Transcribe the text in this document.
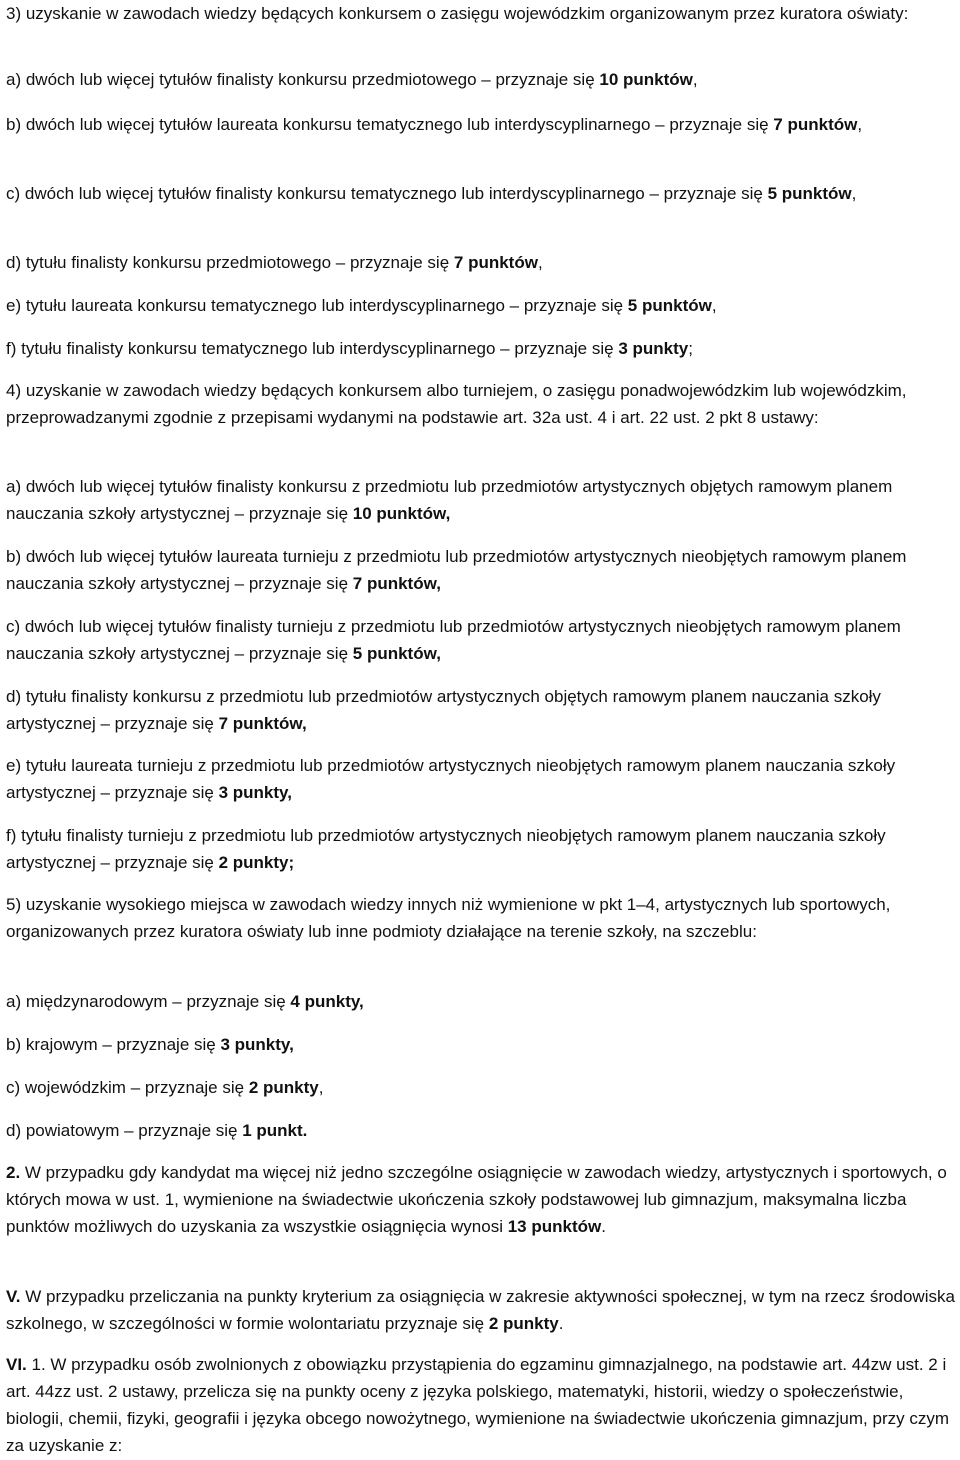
3) uzyskanie w zawodach wiedzy będących konkursem o zasięgu wojewódzkim organizowanym przez kuratora oświaty:

a) dwóch lub więcej tytułów finalisty konkursu przedmiotowego – przyznaje się 10 punktów,

b) dwóch lub więcej tytułów laureata konkursu tematycznego lub interdyscyplinarnego – przyznaje się 7 punktów,

c) dwóch lub więcej tytułów finalisty konkursu tematycznego lub interdyscyplinarnego – przyznaje się 5 punktów,

d) tytułu finalisty konkursu przedmiotowego – przyznaje się 7 punktów,

e) tytułu laureata konkursu tematycznego lub interdyscyplinarnego – przyznaje się 5 punktów,

f) tytułu finalisty konkursu tematycznego lub interdyscyplinarnego – przyznaje się 3 punkty;

4) uzyskanie w zawodach wiedzy będących konkursem albo turniejem, o zasięgu ponadwojewódzkim lub wojewódzkim, przeprowadzanymi zgodnie z przepisami wydanymi na podstawie art. 32a ust. 4 i art. 22 ust. 2 pkt 8 ustawy:

a) dwóch lub więcej tytułów finalisty konkursu z przedmiotu lub przedmiotów artystycznych objętych ramowym planem nauczania szkoły artystycznej – przyznaje się 10 punktów,

b) dwóch lub więcej tytułów laureata turnieju z przedmiotu lub przedmiotów artystycznych nieobjętych ramowym planem nauczania szkoły artystycznej – przyznaje się 7 punktów,

c) dwóch lub więcej tytułów finalisty turnieju z przedmiotu lub przedmiotów artystycznych nieobjętych ramowym planem nauczania szkoły artystycznej – przyznaje się 5 punktów,

d) tytułu finalisty konkursu z przedmiotu lub przedmiotów artystycznych objętych ramowym planem nauczania szkoły artystycznej – przyznaje się 7 punktów,

e) tytułu laureata turnieju z przedmiotu lub przedmiotów artystycznych nieobjętych ramowym planem nauczania szkoły artystycznej – przyznaje się 3 punkty,

f) tytułu finalisty turnieju z przedmiotu lub przedmiotów artystycznych nieobjętych ramowym planem nauczania szkoły artystycznej – przyznaje się 2 punkty;

5) uzyskanie wysokiego miejsca w zawodach wiedzy innych niż wymienione w pkt 1–4, artystycznych lub sportowych, organizowanych przez kuratora oświaty lub inne podmioty działające na terenie szkoły, na szczeblu:

a) międzynarodowym – przyznaje się 4 punkty,

b) krajowym – przyznaje się 3 punkty,

c) wojewódzkim – przyznaje się 2 punkty,

d) powiatowym – przyznaje się 1 punkt.

2. W przypadku gdy kandydat ma więcej niż jedno szczególne osiągnięcie w zawodach wiedzy, artystycznych i sportowych, o których mowa w ust. 1, wymienione na świadectwie ukończenia szkoły podstawowej lub gimnazjum, maksymalna liczba punktów możliwych do uzyskania za wszystkie osiągnięcia wynosi 13 punktów.

V. W przypadku przeliczania na punkty kryterium za osiągnięcia w zakresie aktywności społecznej, w tym na rzecz środowiska szkolnego, w szczególności w formie wolontariatu przyznaje się 2 punkty.

VI. 1. W przypadku osób zwolnionych z obowiązku przystąpienia do egzaminu gimnazjalnego, na podstawie art. 44zw ust. 2 i art. 44zz ust. 2 ustawy, przelicza się na punkty oceny z języka polskiego, matematyki, historii, wiedzy o społeczeństwie, biologii, chemii, fizyki, geografii i języka obcego nowożytnego, wymienione na świadectwie ukończenia gimnazjum, przy czym za uzyskanie z:
